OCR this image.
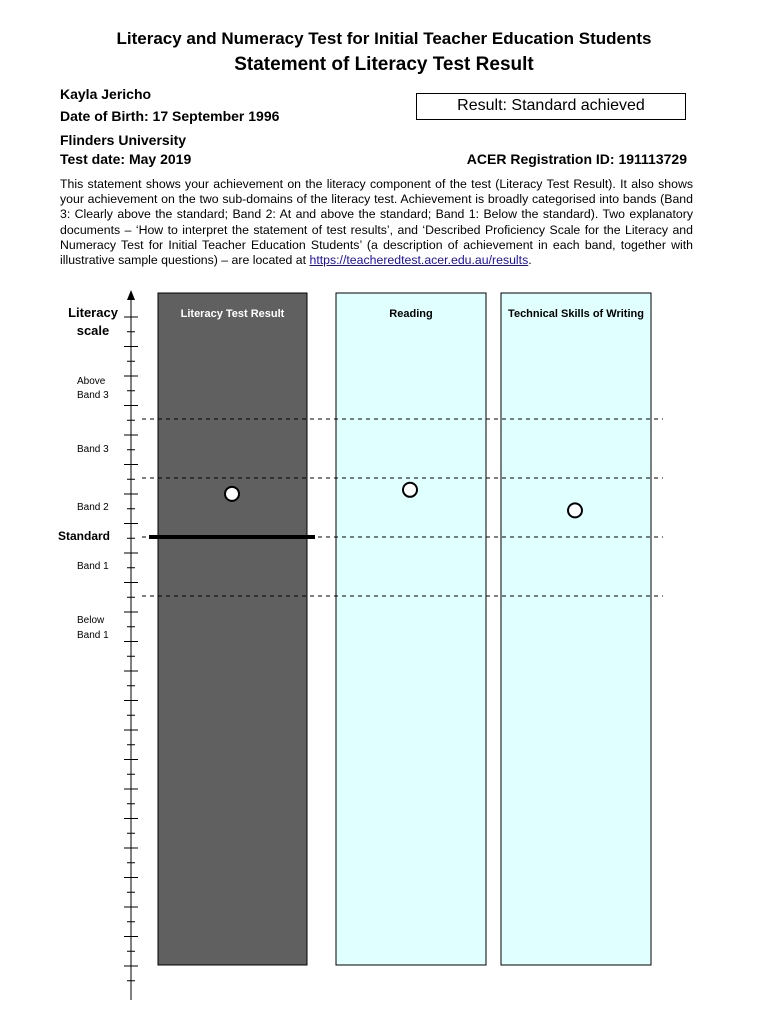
Literacy and Numeracy Test for Initial Teacher Education Students
Statement of Literacy Test Result
Kayla Jericho
Date of Birth: 17 September 1996
Flinders University
Test date: May 2019
Result: Standard achieved
ACER Registration ID: 191113729
This statement shows your achievement on the literacy component of the test (Literacy Test Result). It also shows your achievement on the two sub-domains of the literacy test. Achievement is broadly categorised into bands (Band 3: Clearly above the standard; Band 2: At and above the standard; Band 1: Below the standard). Two explanatory documents – ‘How to interpret the statement of test results’, and ‘Described Proficiency Scale for the Literacy and Numeracy Test for Initial Teacher Education Students’ (a description of achievement in each band, together with illustrative sample questions) – are located at https://teacheredtest.acer.edu.au/results.
Literacy Test Result	Reading	Technical Skills of Writing
Literacy
scale
Above
Band 3
Band 3
Band 2
Band 1
Below
Band 1
Standard
